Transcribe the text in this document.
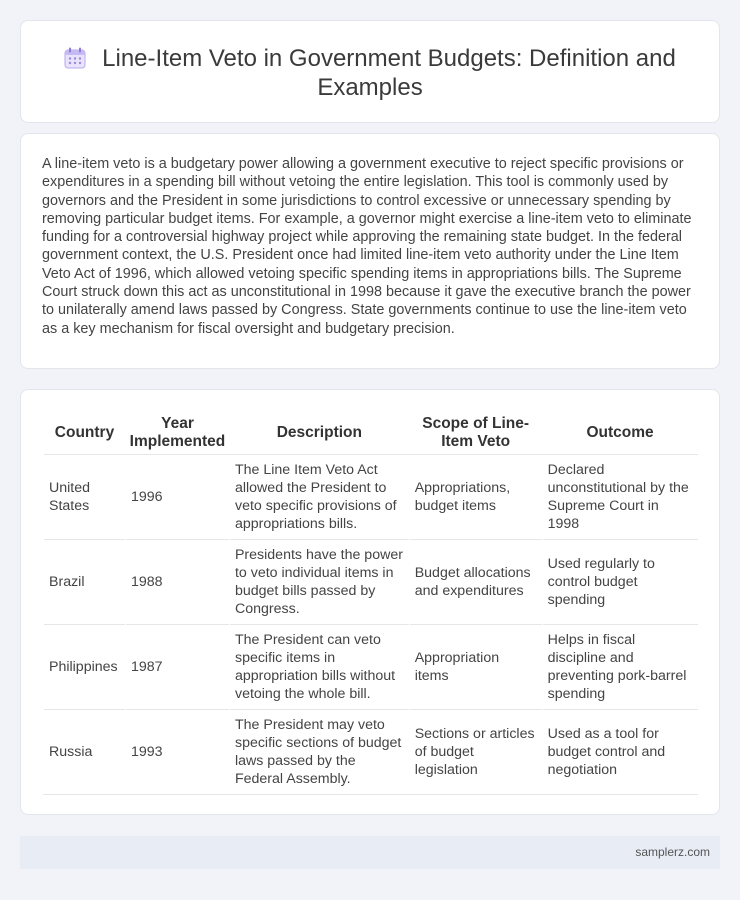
Line-Item Veto in Government Budgets: Definition and Examples

A line-item veto is a budgetary power allowing a government executive to reject specific provisions or expenditures in a spending bill without vetoing the entire legislation. This tool is commonly used by governors and the President in some jurisdictions to control excessive or unnecessary spending by removing particular budget items. For example, a governor might exercise a line-item veto to eliminate funding for a controversial highway project while approving the remaining state budget. In the federal government context, the U.S. President once had limited line-item veto authority under the Line Item Veto Act of 1996, which allowed vetoing specific spending items in appropriations bills. The Supreme Court struck down this act as unconstitutional in 1998 because it gave the executive branch the power to unilaterally amend laws passed by Congress. State governments continue to use the line-item veto as a key mechanism for fiscal oversight and budgetary precision.

Country	Year Implemented	Description	Scope of Line-Item Veto	Outcome
United States	1996	The Line Item Veto Act allowed the President to veto specific provisions of appropriations bills.	Appropriations, budget items	Declared unconstitutional by the Supreme Court in 1998
Brazil	1988	Presidents have the power to veto individual items in budget bills passed by Congress.	Budget allocations and expenditures	Used regularly to control budget spending
Philippines	1987	The President can veto specific items in appropriation bills without vetoing the whole bill.	Appropriation items	Helps in fiscal discipline and preventing pork-barrel spending
Russia	1993	The President may veto specific sections of budget laws passed by the Federal Assembly.	Sections or articles of budget legislation	Used as a tool for budget control and negotiation
samplerz.com
